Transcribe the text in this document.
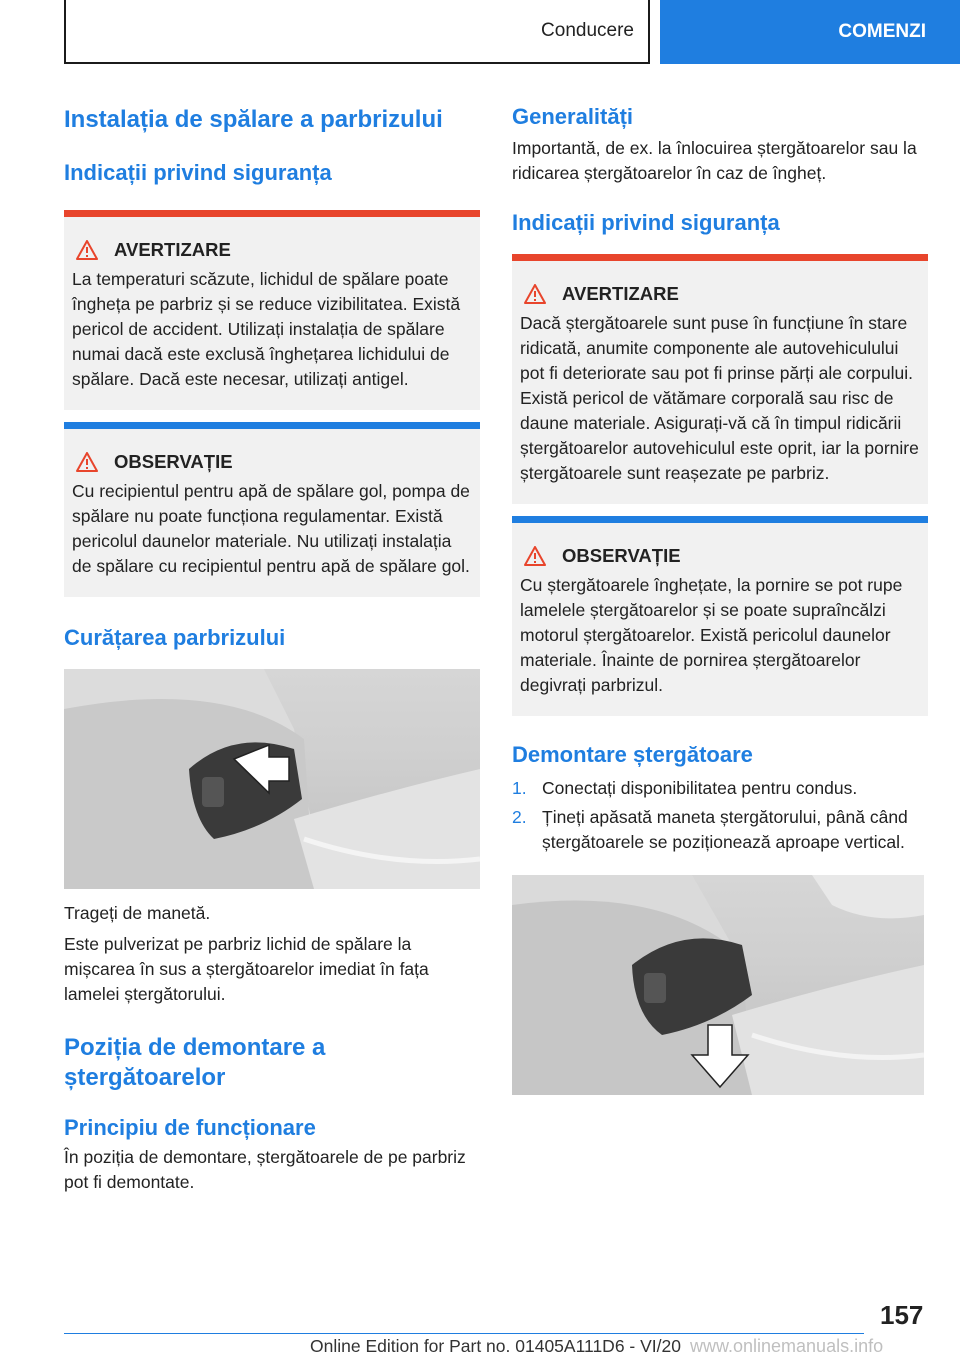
Conducere	COMENZI
Instalația de spălare a parbrizului
Indicații privind siguranța
AVERTIZARE

La temperaturi scăzute, lichidul de spălare poate îngheța pe parbriz și se reduce vizibilitatea. Există pericol de accident. Utilizați instalația de spălare numai dacă este exclusă înghețarea lichidului de spălare. Dacă este necesar, utilizați antigel.

OBSERVAȚIE

Cu recipientul pentru apă de spălare gol, pompa de spălare nu poate funcționa regulamentar. Există pericolul daunelor materiale. Nu utilizați instalația de spălare cu recipientul pentru apă de spălare gol.

Curățarea parbrizului

Trageți de manetă.

Este pulverizat pe parbriz lichid de spălare la mișcarea în sus a ștergătoarelor imediat în fața lamelei ștergătorului.

Poziția de demontare a ștergătoarelor
Principiu de funcționare

În poziția de demontare, ștergătoarele de pe parbriz pot fi demontate.

Generalități

Importantă, de ex. la înlocuirea ștergătoarelor sau la ridicarea ștergătoarelor în caz de îngheț.

Indicații privind siguranța
AVERTIZARE

Dacă ștergătoarele sunt puse în funcțiune în stare ridicată, anumite componente ale autovehiculului pot fi deteriorate sau pot fi prinse părți ale corpului. Există pericol de vătămare corporală sau risc de daune materiale. Asigurați-vă că în timpul ridicării ștergătoarelor autovehiculul este oprit, iar la pornire ștergătoarele sunt reașezate pe parbriz.

OBSERVAȚIE

Cu ștergătoarele înghețate, la pornire se pot rupe lamelele ștergătoarelor și se poate supraîncălzi motorul ștergătoarelor. Există pericolul daunelor materiale. Înainte de pornirea ștergătoarelor degivrați parbrizul.

Demontare ștergătoare
1. Conectați disponibilitatea pentru condus.
2. Țineți apăsată maneta ștergătorului, până când ștergătoarele se poziționează aproape vertical.
157
Online Edition for Part no. 01405A111D6 - VI/20 www.onlinemanuals.info
